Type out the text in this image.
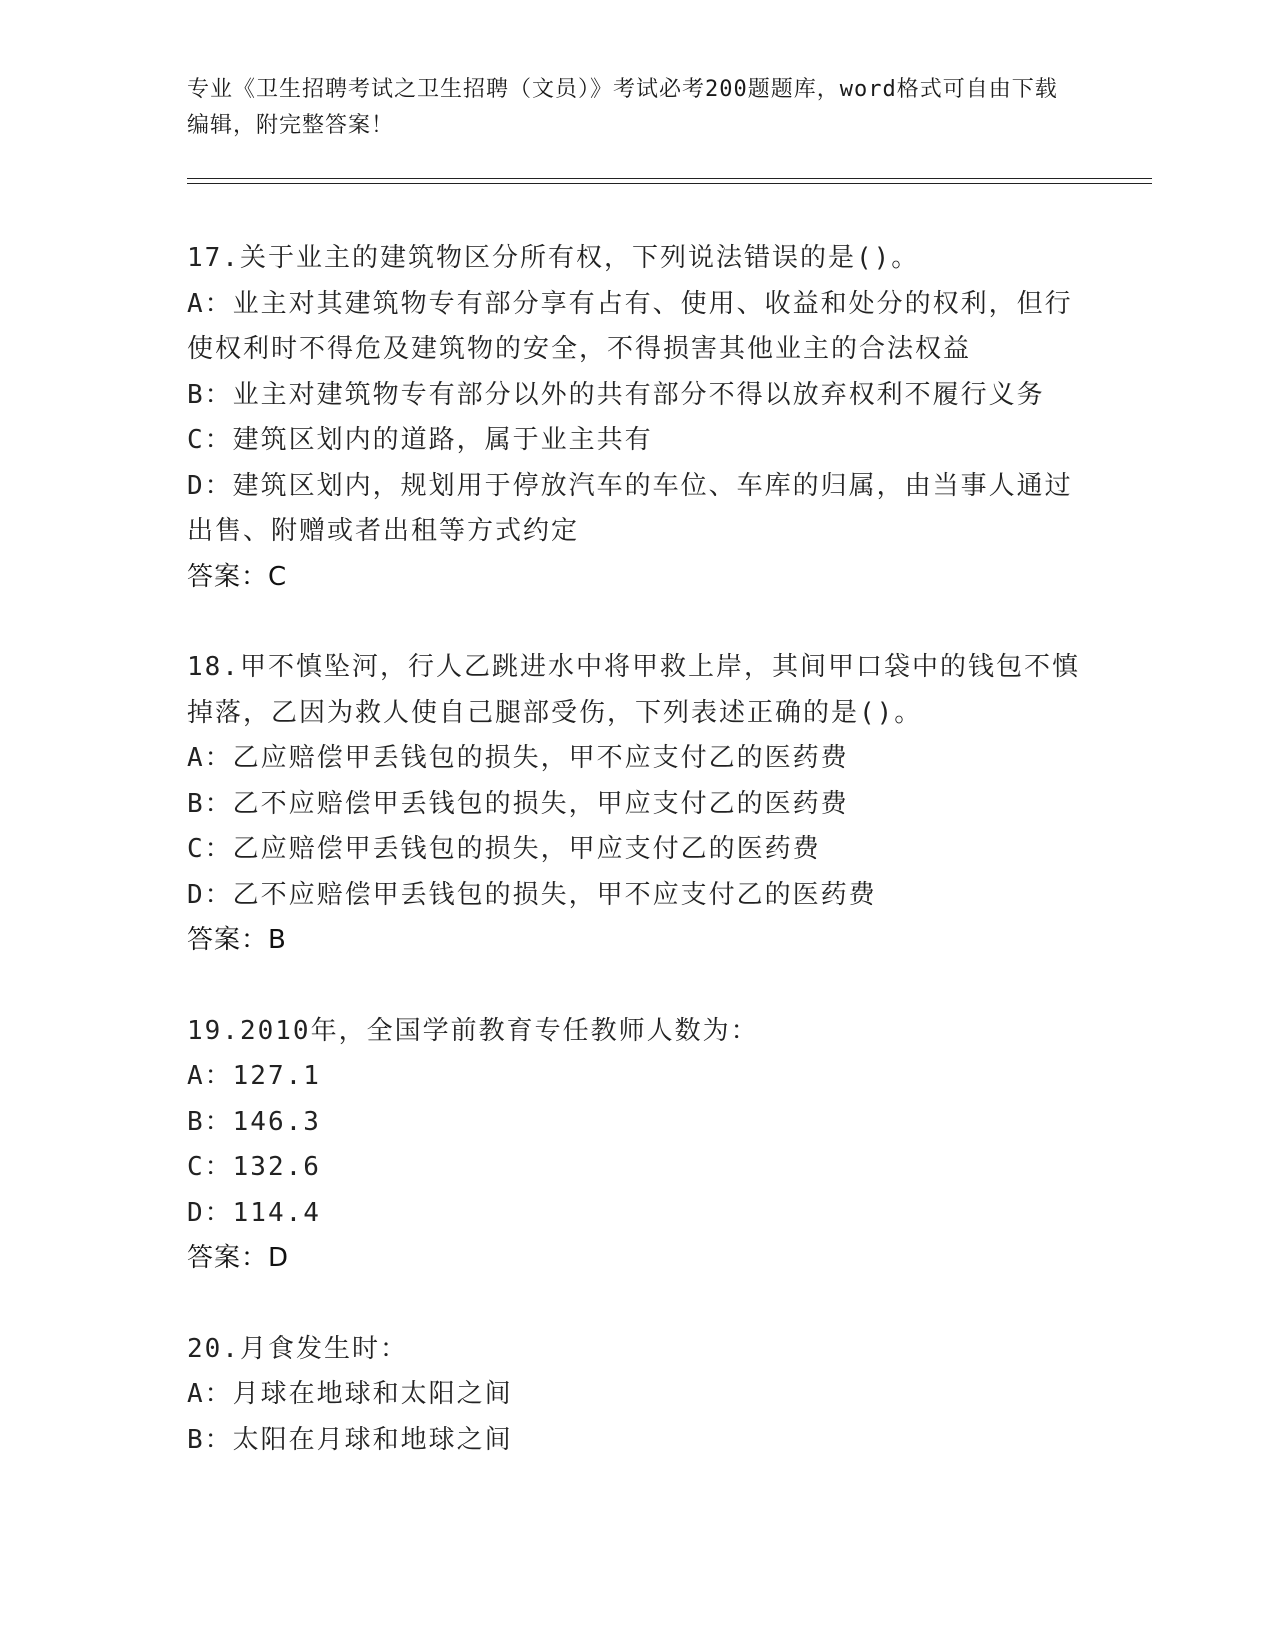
专业《卫生招聘考试之卫生招聘（文员）》考试必考200题题库，word格式可自由下载编辑，附完整答案！
17.关于业主的建筑物区分所有权，下列说法错误的是()。
A：业主对其建筑物专有部分享有占有、使用、收益和处分的权利，但行使权利时不得危及建筑物的安全，不得损害其他业主的合法权益
B：业主对建筑物专有部分以外的共有部分不得以放弃权利不履行义务
C：建筑区划内的道路，属于业主共有
D：建筑区划内，规划用于停放汽车的车位、车库的归属，由当事人通过出售、附赠或者出租等方式约定
答案：C
18.甲不慎坠河，行人乙跳进水中将甲救上岸，其间甲口袋中的钱包不慎掉落，乙因为救人使自己腿部受伤，下列表述正确的是()。
A：乙应赔偿甲丢钱包的损失，甲不应支付乙的医药费
B：乙不应赔偿甲丢钱包的损失，甲应支付乙的医药费
C：乙应赔偿甲丢钱包的损失，甲应支付乙的医药费
D：乙不应赔偿甲丢钱包的损失，甲不应支付乙的医药费
答案：B
19.2010年，全国学前教育专任教师人数为：
A：127.1
B：146.3
C：132.6
D：114.4
答案：D
20.月食发生时：
A：月球在地球和太阳之间
B：太阳在月球和地球之间
